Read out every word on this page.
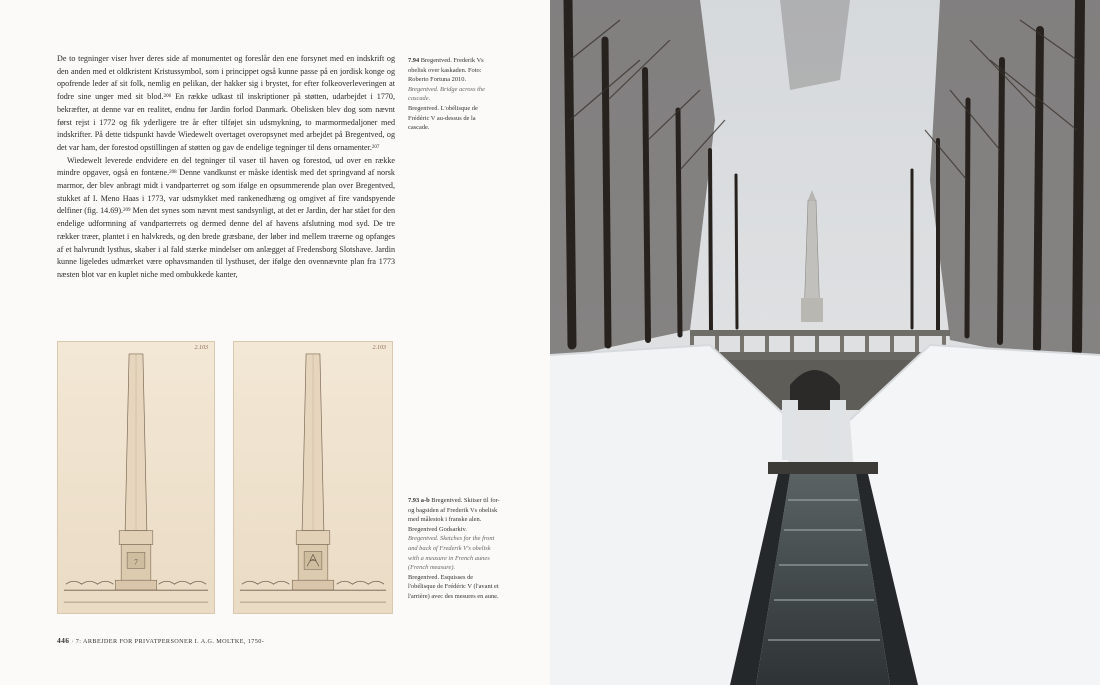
De to tegninger viser hver deres side af monumentet og foreslår den ene forsynet med en indskrift og den anden med et oldkristent Kristussymbol, som i princippet også kunne passe på en jordisk konge og opofrende leder af sit folk, nemlig en pelikan, der hakker sig i brystet, for efter folkeoverleveringen at fodre sine unger med sit blod.$^{206}$ En række udkast til inskriptioner på støtten, udarbejdet i 1770, bekræfter, at denne var en realitet, endnu før Jardin forlod Danmark. Obelisken blev dog som nævnt først rejst i 1772 og fik yderligere tre år efter tilføjet sin udsmykning, to marmormedaljoner med indskrifter. På dette tidspunkt havde Wiedewelt overtaget overopsynet med arbejdet på Bregentved, og det var ham, der forestod opstillingen af støtten og gav de endelige tegninger til dens ornamenter.$^{207}$

Wiedewelt leverede endvidere en del tegninger til vaser til haven og forestod, ud over en række mindre opgaver, også en fontæne.$^{208}$ Denne vandkunst er måske identisk med det springvand af norsk marmor, der blev anbragt midt i vandparterret og som ifølge en opsummerende plan over Bregentved, stukket af I. Meno Haas i 1773, var udsmykket med rankenedhæng og omgivet af fire vandspyende delfiner (fig. 14.69).$^{209}$ Men det synes som nævnt mest sandsynligt, at det er Jardin, der har stået for den endelige udformning af vandparterrets og dermed denne del af havens afslutning mod syd. De tre rækker træer, plantet i en halvkreds, og den brede græsbane, der løber ind mellem træerne og opfanges af et halvrundt lysthus, skaber i al fald stærke mindelser om anlægget af Fredensborg Slotshave. Jardin kunne ligeledes udmærket være ophavsmanden til lysthuset, der ifølge den ovennævnte plan fra 1773 næsten blot var en kuplet niche med ombukkede kanter,

7.94 Bregentved. Frederik Vs obelisk over kaskaden. Foto: Roberto Fortuna 2010.
Bregentved. Bridge across the cascade.
Bregentved. L'obélisque de Frédéric V au-dessus de la cascade.
2.103
7
2.103
7.93 a-b Bregentved. Skitser til for- og bagsiden af Frederik Vs obelisk med målestok i franske alen. Bregentved Godsarkiv.
Bregentved. Sketches for the front and back of Frederik V's obelisk with a measure in French aunes (French measure).
Bregentved. Esquisses de l'obélisque de Frédéric V (l'avant et l'arrière) avec des mesures en aune.
446 · 7: ARBEJDER FOR PRIVATPERSONER I. A.G. MOLTKE, 1750-
